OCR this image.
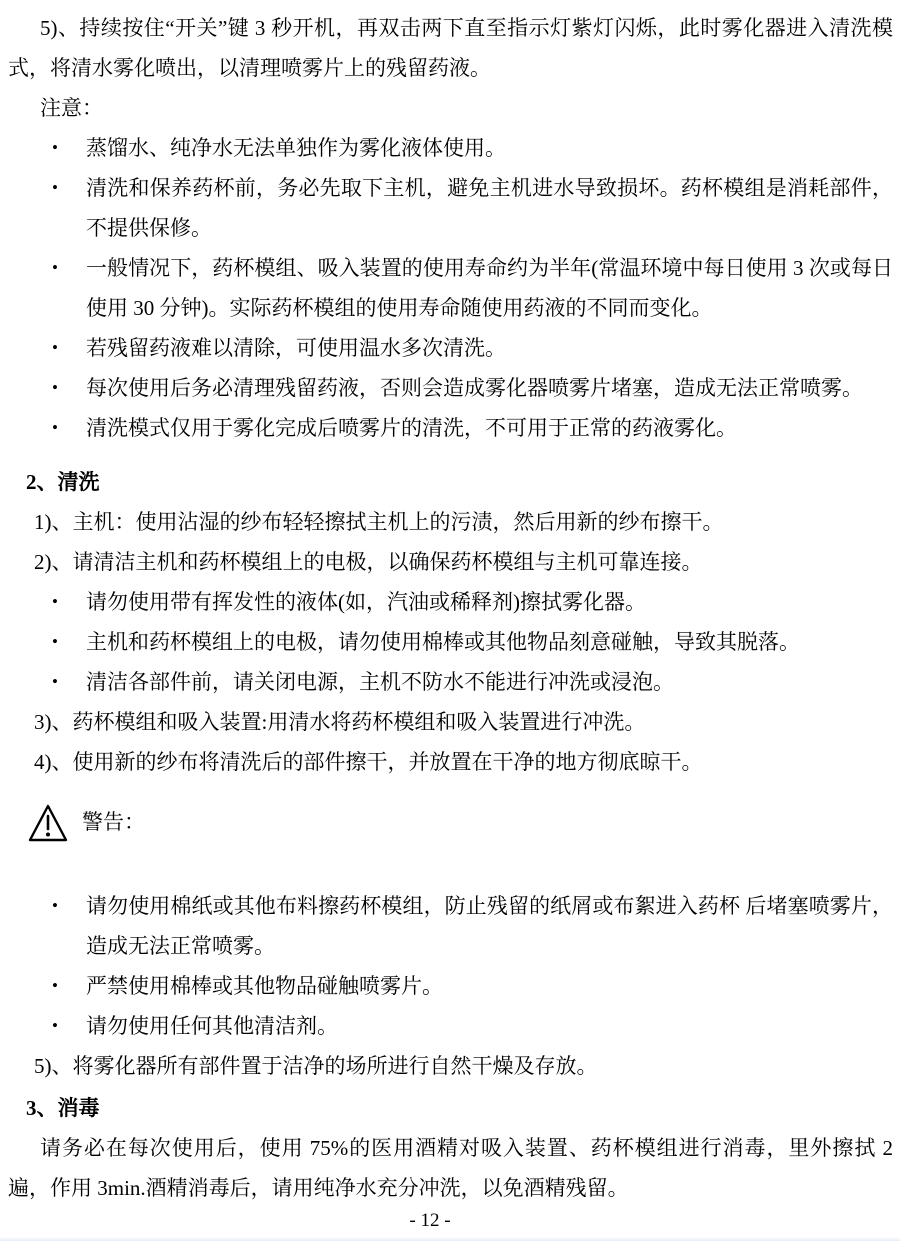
5)、持续按住“开关”键 3 秒开机，再双击两下直至指示灯紫灯闪烁，此时雾化器进入清洗模式，将清水雾化喷出，以清理喷雾片上的残留药液。

注意：

•	蒸馏水、纯净水无法单独作为雾化液体使用。
•	清洗和保养药杯前，务必先取下主机，避免主机进水导致损坏。药杯模组是消耗部件，不提供保修。
•	一般情况下，药杯模组、吸入装置的使用寿命约为半年(常温环境中每日使用 3 次或每日使用 30 分钟)。实际药杯模组的使用寿命随使用药液的不同而变化。
•	若残留药液难以清除，可使用温水多次清洗。
•	每次使用后务必清理残留药液，否则会造成雾化器喷雾片堵塞，造成无法正常喷雾。
•	清洗模式仅用于雾化完成后喷雾片的清洗，不可用于正常的药液雾化。

2、清洗

1)、主机：使用沾湿的纱布轻轻擦拭主机上的污渍，然后用新的纱布擦干。

2)、请清洁主机和药杯模组上的电极，以确保药杯模组与主机可靠连接。

•	请勿使用带有挥发性的液体(如，汽油或稀释剂)擦拭雾化器。
•	主机和药杯模组上的电极，请勿使用棉棒或其他物品刻意碰触，导致其脱落。
•	清洁各部件前，请关闭电源，主机不防水不能进行冲洗或浸泡。

3)、药杯模组和吸入装置:用清水将药杯模组和吸入装置进行冲洗。

4)、使用新的纱布将清洗后的部件擦干，并放置在干净的地方彻底晾干。

警告：
•	请勿使用棉纸或其他布料擦药杯模组，防止残留的纸屑或布絮进入药杯 后堵塞喷雾片，造成无法正常喷雾。
•	严禁使用棉棒或其他物品碰触喷雾片。
•	请勿使用任何其他清洁剂。

5)、将雾化器所有部件置于洁净的场所进行自然干燥及存放。

3、消毒

请务必在每次使用后，使用 75%的医用酒精对吸入装置、药杯模组进行消毒，里外擦拭 2 遍，作用 3min.酒精消毒后，请用纯净水充分冲洗，以免酒精残留。

- 12 -
